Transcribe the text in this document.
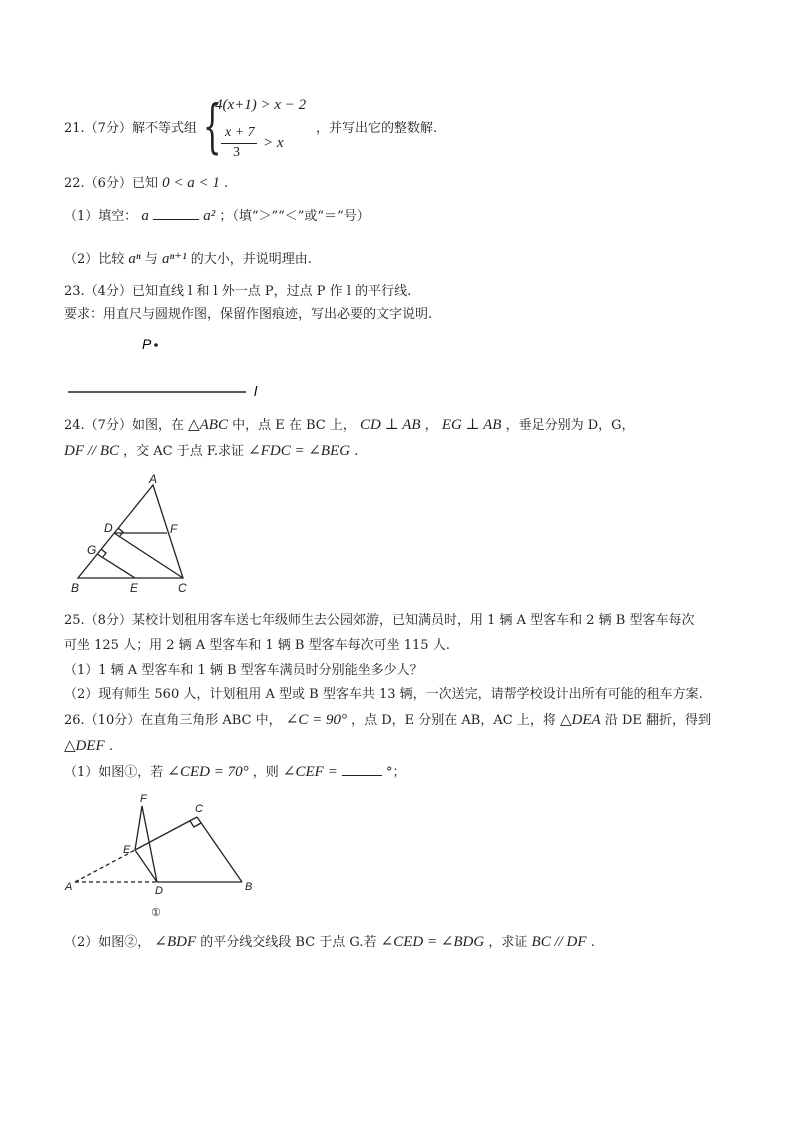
21.（7分）解不等式组 {
4(x+1) > x − 2
x + 7
3
> x
，并写出它的整数解.
22.（6分）已知 0 < a < 1 .
（1）填空： a	a² ；（填“＞”“＜”或“＝”号）
（2）比较 aⁿ 与 aⁿ⁺¹ 的大小，并说明理由.
23.（4分）已知直线 l 和 l 外一点 P，过点 P 作 l 的平行线.
要求：用直尺与圆规作图，保留作图痕迹，写出必要的文字说明.
P
l
24.（7分）如图，在 △ABC 中，点 E 在 BC 上， CD ⊥ AB ， EG ⊥ AB ，垂足分别为 D，G，
DF // BC ，交 AC 于点 F.求证 ∠FDC = ∠BEG .
A
B	C
D
E
F
G
25.（8分）某校计划租用客车送七年级师生去公园郊游，已知满员时，用 1 辆 A 型客车和 2 辆 B 型客车每次
可坐 125 人；用 2 辆 A 型客车和 1 辆 B 型客车每次可坐 115 人.
（1）1 辆 A 型客车和 1 辆 B 型客车满员时分别能坐多少人？
（2）现有师生 560 人，计划租用 A 型或 B 型客车共 13 辆，一次送完，请帮学校设计出所有可能的租车方案.
26.（10分）在直角三角形 ABC 中， ∠C = 90° ，点 D，E 分别在 AB，AC 上，将 △DEA 沿 DE 翻折，得到
△DEF .
（1）如图①，若 ∠CED = 70° ，则 ∠CEF =	°；
A	B
C
D
E
F
①
（2）如图②， ∠BDF 的平分线交线段 BC 于点 G.若 ∠CED = ∠BDG ，求证 BC // DF .
